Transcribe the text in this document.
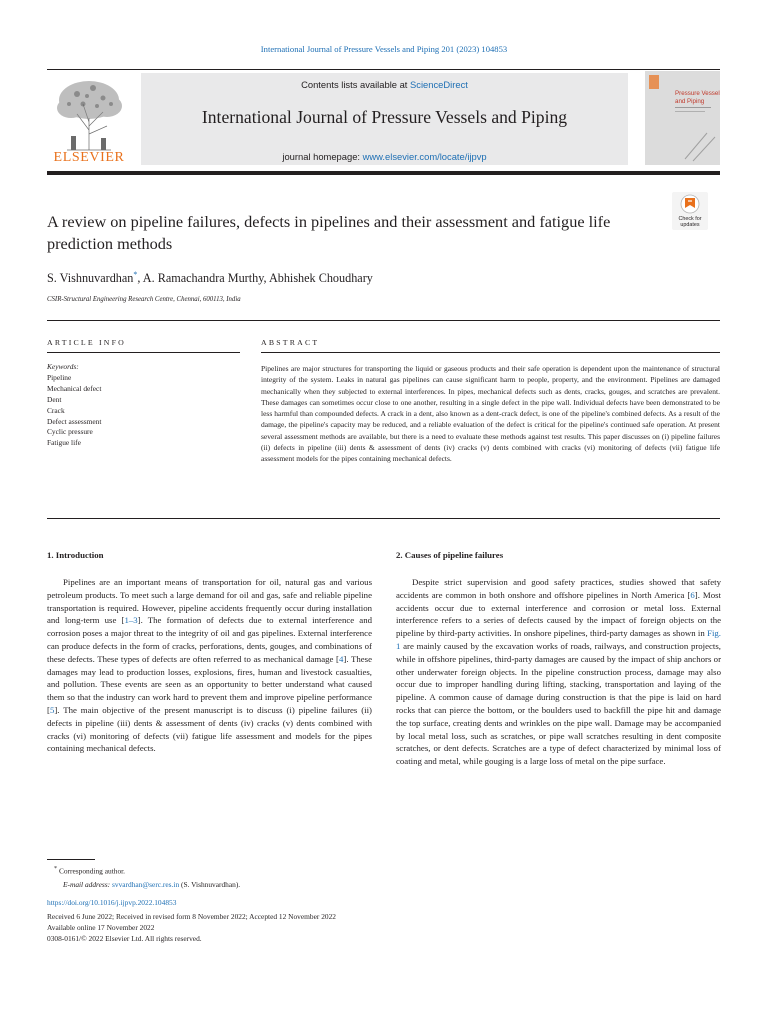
International Journal of Pressure Vessels and Piping 201 (2023) 104853
ELSEVIER
Contents lists available at ScienceDirect
International Journal of Pressure Vessels and Piping
journal homepage: www.elsevier.com/locate/ijpvp
Pressure Vessels
and Piping
A review on pipeline failures, defects in pipelines and their assessment and fatigue life prediction methods
Check for
updates
S. Vishnuvardhan*, A. Ramachandra Murthy, Abhishek Choudhary
CSIR-Structural Engineering Research Centre, Chennai, 600113, India
ARTICLE INFO	ABSTRACT
Keywords:
Pipeline
Mechanical defect
Dent
Crack
Defect assessment
Cyclic pressure
Fatigue life
Pipelines are major structures for transporting the liquid or gaseous products and their safe operation is dependent upon the maintenance of structural integrity of the system. Leaks in natural gas pipelines can cause significant harm to people, property, and the environment. Pipelines are damaged mechanically when they subjected to external interferences. In pipes, mechanical defects such as dents, cracks, gouges, and scratches are prevalent. These damages can sometimes occur close to one another, resulting in a single defect in the pipe wall. Individual defects have been demonstrated to be less harmful than compounded defects. A crack in a dent, also known as a dent-crack defect, is one of the pipeline's combined defects. As a result of the damage, the pipeline's capacity may be reduced, and a reliable evaluation of the defect is critical for the pipeline's continued safe operation. At present several assessment methods are available, but there is a need to evaluate these methods against test results. This paper discusses on (i) pipeline failures (ii) defects in pipeline (iii) dents & assessment of dents (iv) cracks (v) dents combined with cracks (vi) monitoring of defects (vii) fatigue life assessment models for the pipes containing mechanical defects.
1. Introduction
Pipelines are an important means of transportation for oil, natural gas and various petroleum products. To meet such a large demand for oil and gas, safe and reliable pipeline transportation is required. However, pipeline accidents frequently occur during installation and long-term use [1–3]. The formation of defects due to external interference and corrosion poses a major threat to the integrity of oil and gas pipelines. External interference can produce defects in the form of cracks, perforations, dents, gouges, and combinations of these defects. These types of defects are often referred to as mechanical damage [4]. These damages may lead to production losses, explosions, fires, human and livestock casualties, and pollution. These events are seen as an opportunity to better understand what caused them so that the industry can work hard to prevent them and improve pipeline performance [5]. The main objective of the present manuscript is to discuss (i) pipeline failures (ii) defects in pipeline (iii) dents & assessment of dents (iv) cracks (v) dents combined with cracks (vi) monitoring of defects (vii) fatigue life assessment and models for the pipes containing mechanical defects.
2. Causes of pipeline failures
Despite strict supervision and good safety practices, studies showed that safety accidents are common in both onshore and offshore pipelines in North America [6]. Most accidents occur due to external interference and corrosion or metal loss. External interference refers to a series of defects caused by the impact of foreign objects on the pipeline by third-party activities. In onshore pipelines, third-party damages as shown in Fig. 1 are mainly caused by the excavation works of roads, railways, and construction projects, while in offshore pipelines, third-party damages are caused by the impact of ship anchors or other underwater foreign objects. In the pipeline construction process, damage may also occur due to improper handling during lifting, stacking, transportation and laying of the pipeline. A common cause of damage during construction is that the pipe is laid on hard rocks that can pierce the bottom, or the boulders used to backfill the pipe hit and damage the top surface, creating dents and wrinkles on the pipe wall. Damage may be accompanied by local metal loss, such as scratches, or pipe wall scratches resulting in dent composite scratches, or dent defects. Scratches are a type of defect characterized by minimal loss of coating and metal, while gouging is a large loss of metal on the pipe surface.
* Corresponding author.
E-mail address: svvardhan@serc.res.in (S. Vishnuvardhan).
https://doi.org/10.1016/j.ijpvp.2022.104853
Received 6 June 2022; Received in revised form 8 November 2022; Accepted 12 November 2022
Available online 17 November 2022
0308-0161/© 2022 Elsevier Ltd. All rights reserved.
